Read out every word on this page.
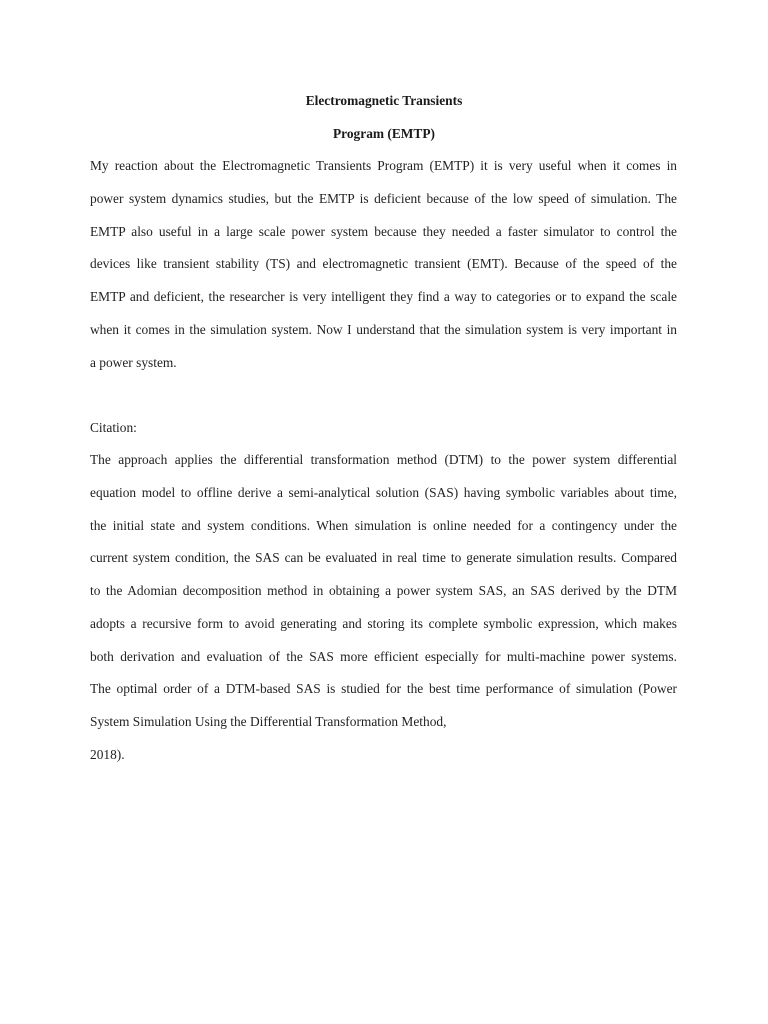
Electromagnetic Transients
Program (EMTP)
My reaction about the Electromagnetic Transients Program (EMTP) it is very useful when it comes in
power system dynamics studies, but the EMTP is deficient because of the low speed of simulation. The
EMTP also useful in a large scale power system because they needed a faster simulator to control the
devices like transient stability (TS) and electromagnetic transient (EMT). Because of the speed of the
EMTP and deficient, the researcher is very intelligent they find a way to categories or to expand the scale
when it comes in the simulation system. Now I understand that the simulation system is very important in
a power system.
Citation:
The approach applies the differential transformation method (DTM) to the power system differential
equation model to offline derive a semi-analytical solution (SAS) having symbolic variables about time,
the initial state and system conditions. When simulation is online needed for a contingency under the
current system condition, the SAS can be evaluated in real time to generate simulation results. Compared
to the Adomian decomposition method in obtaining a power system SAS, an SAS derived by the DTM
adopts a recursive form to avoid generating and storing its complete symbolic expression, which makes
both derivation and evaluation of the SAS more efficient especially for multi-machine power systems.
The optimal order of a DTM-based SAS is studied for the best time performance of simulation (Power
System Simulation Using the Differential Transformation Method,
2018).
